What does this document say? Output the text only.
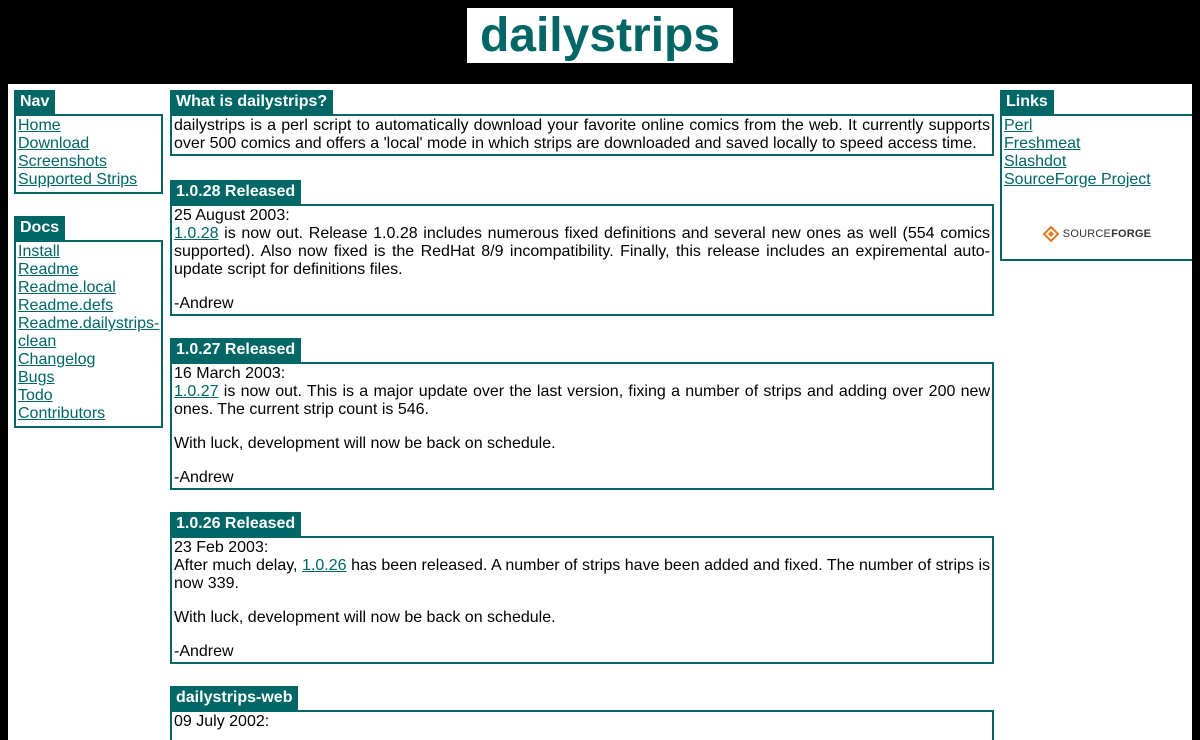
dailystrips
Nav
Home
Download
Screenshots
Supported Strips
Docs
Install
Readme
Readme.local
Readme.defs
Readme.dailystrips-
clean
Changelog
Bugs
Todo
Contributors
Links
Perl
Freshmeat
Slashdot
SourceForge Project
SOURCEFORGE
What is dailystrips?

dailystrips is a perl script to automatically download your favorite online comics from the web. It currently supports over 500 comics and offers a 'local' mode in which strips are downloaded and saved locally to speed access time.

1.0.28 Released

25 August 2003:

1.0.28 is now out. Release 1.0.28 includes numerous fixed definitions and several new ones as well (554 comics supported). Also now fixed is the RedHat 8/9 incompatibility. Finally, this release includes an expiremental auto-update script for definitions files.

-Andrew

1.0.27 Released

16 March 2003:

1.0.27 is now out. This is a major update over the last version, fixing a number of strips and adding over 200 new ones. The current strip count is 546.

With luck, development will now be back on schedule.

-Andrew

1.0.26 Released

23 Feb 2003:

After much delay, 1.0.26 has been released. A number of strips have been added and fixed. The number of strips is now 339.

With luck, development will now be back on schedule.

-Andrew

dailystrips-web

09 July 2002:
